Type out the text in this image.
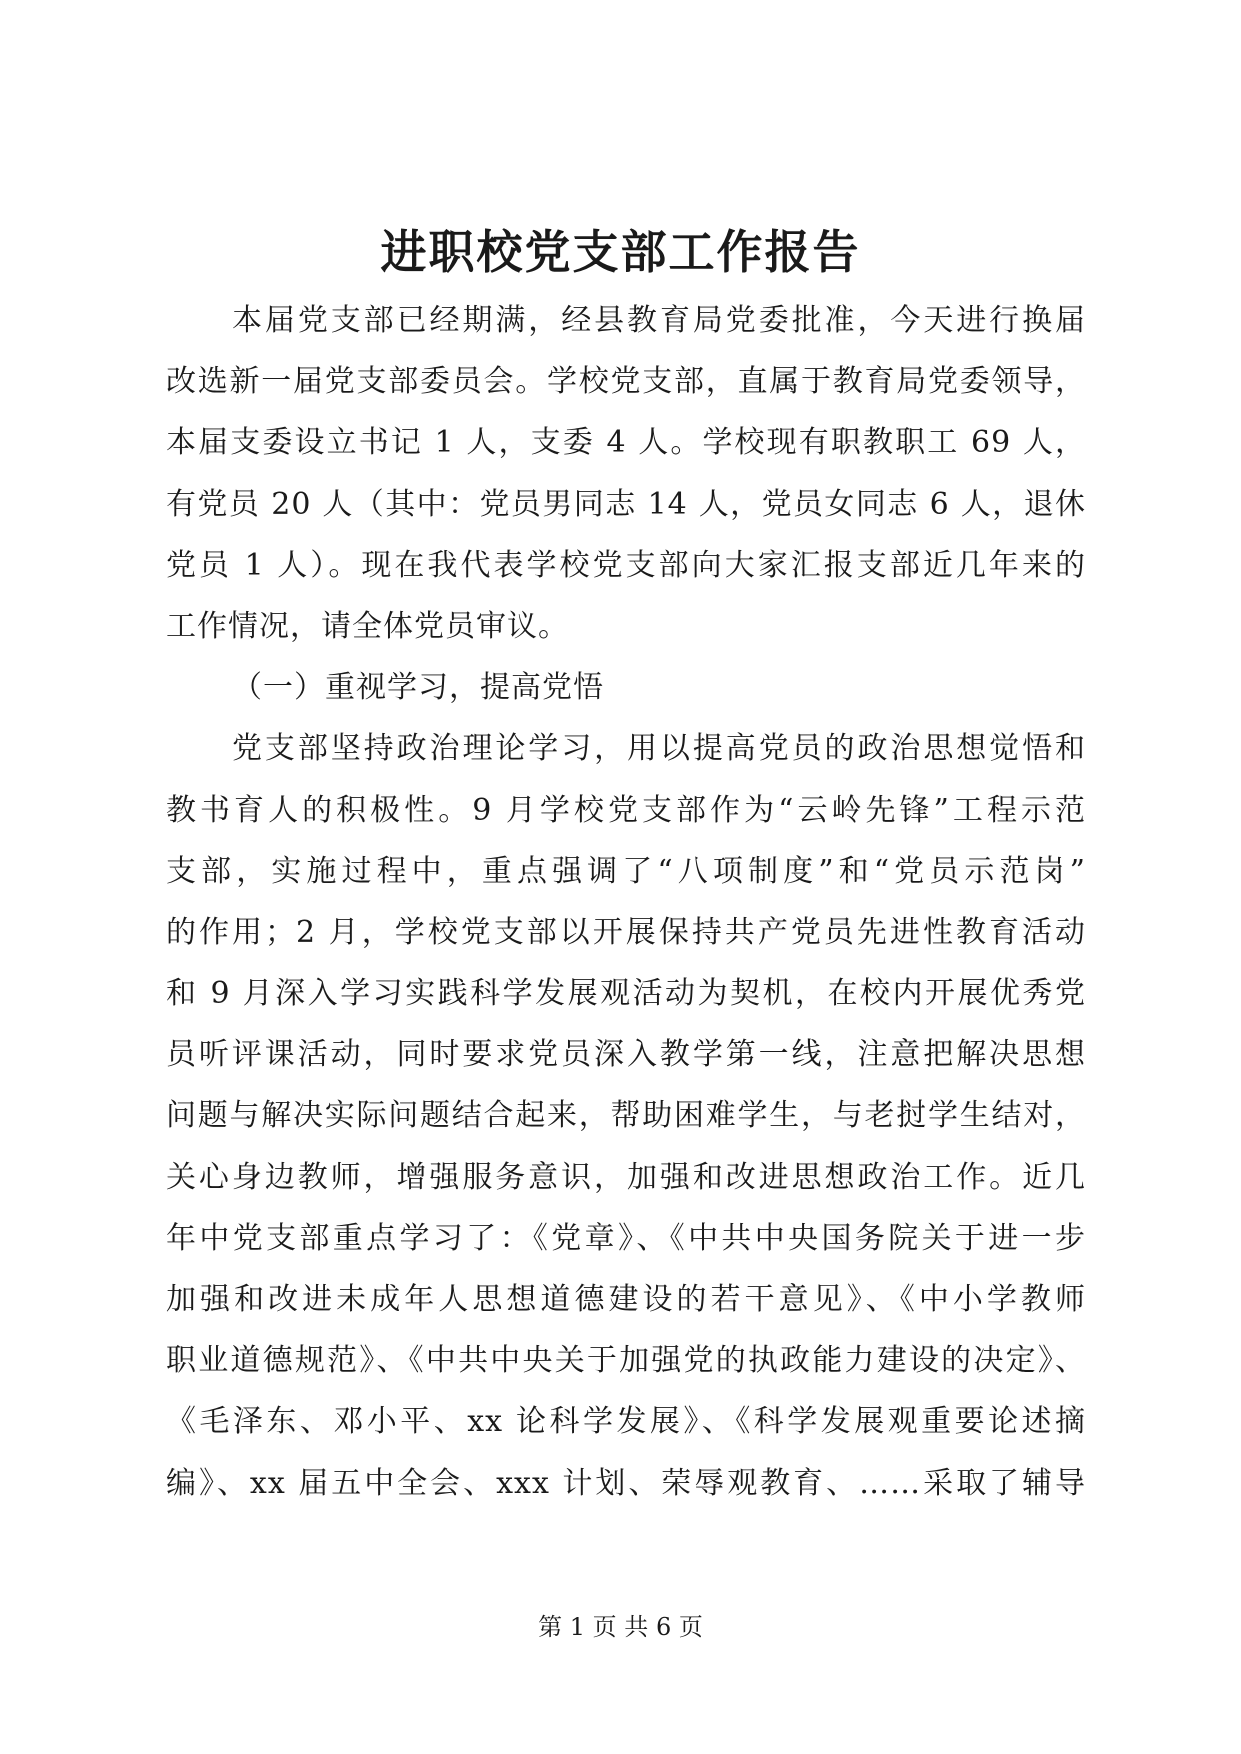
进职校党支部工作报告
本届党支部已经期满，经县教育局党委批准，今天进行换届
改选新一届党支部委员会。学校党支部，直属于教育局党委领导，
本届支委设立书记 1 人，支委 4 人。学校现有职教职工 69 人，
有党员 20 人（其中：党员男同志 14 人，党员女同志 6 人，退休
党员 1 人）。现在我代表学校党支部向大家汇报支部近几年来的
工作情况，请全体党员审议。
（一）重视学习，提高党悟
党支部坚持政治理论学习，用以提高党员的政治思想觉悟和
教书育人的积极性。9 月学校党支部作为“云岭先锋”工程示范
支部，实施过程中，重点强调了“八项制度”和“党员示范岗”
的作用；2 月，学校党支部以开展保持共产党员先进性教育活动
和 9 月深入学习实践科学发展观活动为契机，在校内开展优秀党
员听评课活动，同时要求党员深入教学第一线，注意把解决思想
问题与解决实际问题结合起来，帮助困难学生，与老挝学生结对，
关心身边教师，增强服务意识，加强和改进思想政治工作。近几
年中党支部重点学习了：《党章》、《中共中央国务院关于进一步
加强和改进未成年人思想道德建设的若干意见》、《中小学教师
职业道德规范》、《中共中央关于加强党的执政能力建设的决定》、
《毛泽东、邓小平、xx 论科学发展》、《科学发展观重要论述摘
编》、xx 届五中全会、xxx 计划、荣辱观教育、……采取了辅导
第 1 页 共 6 页
